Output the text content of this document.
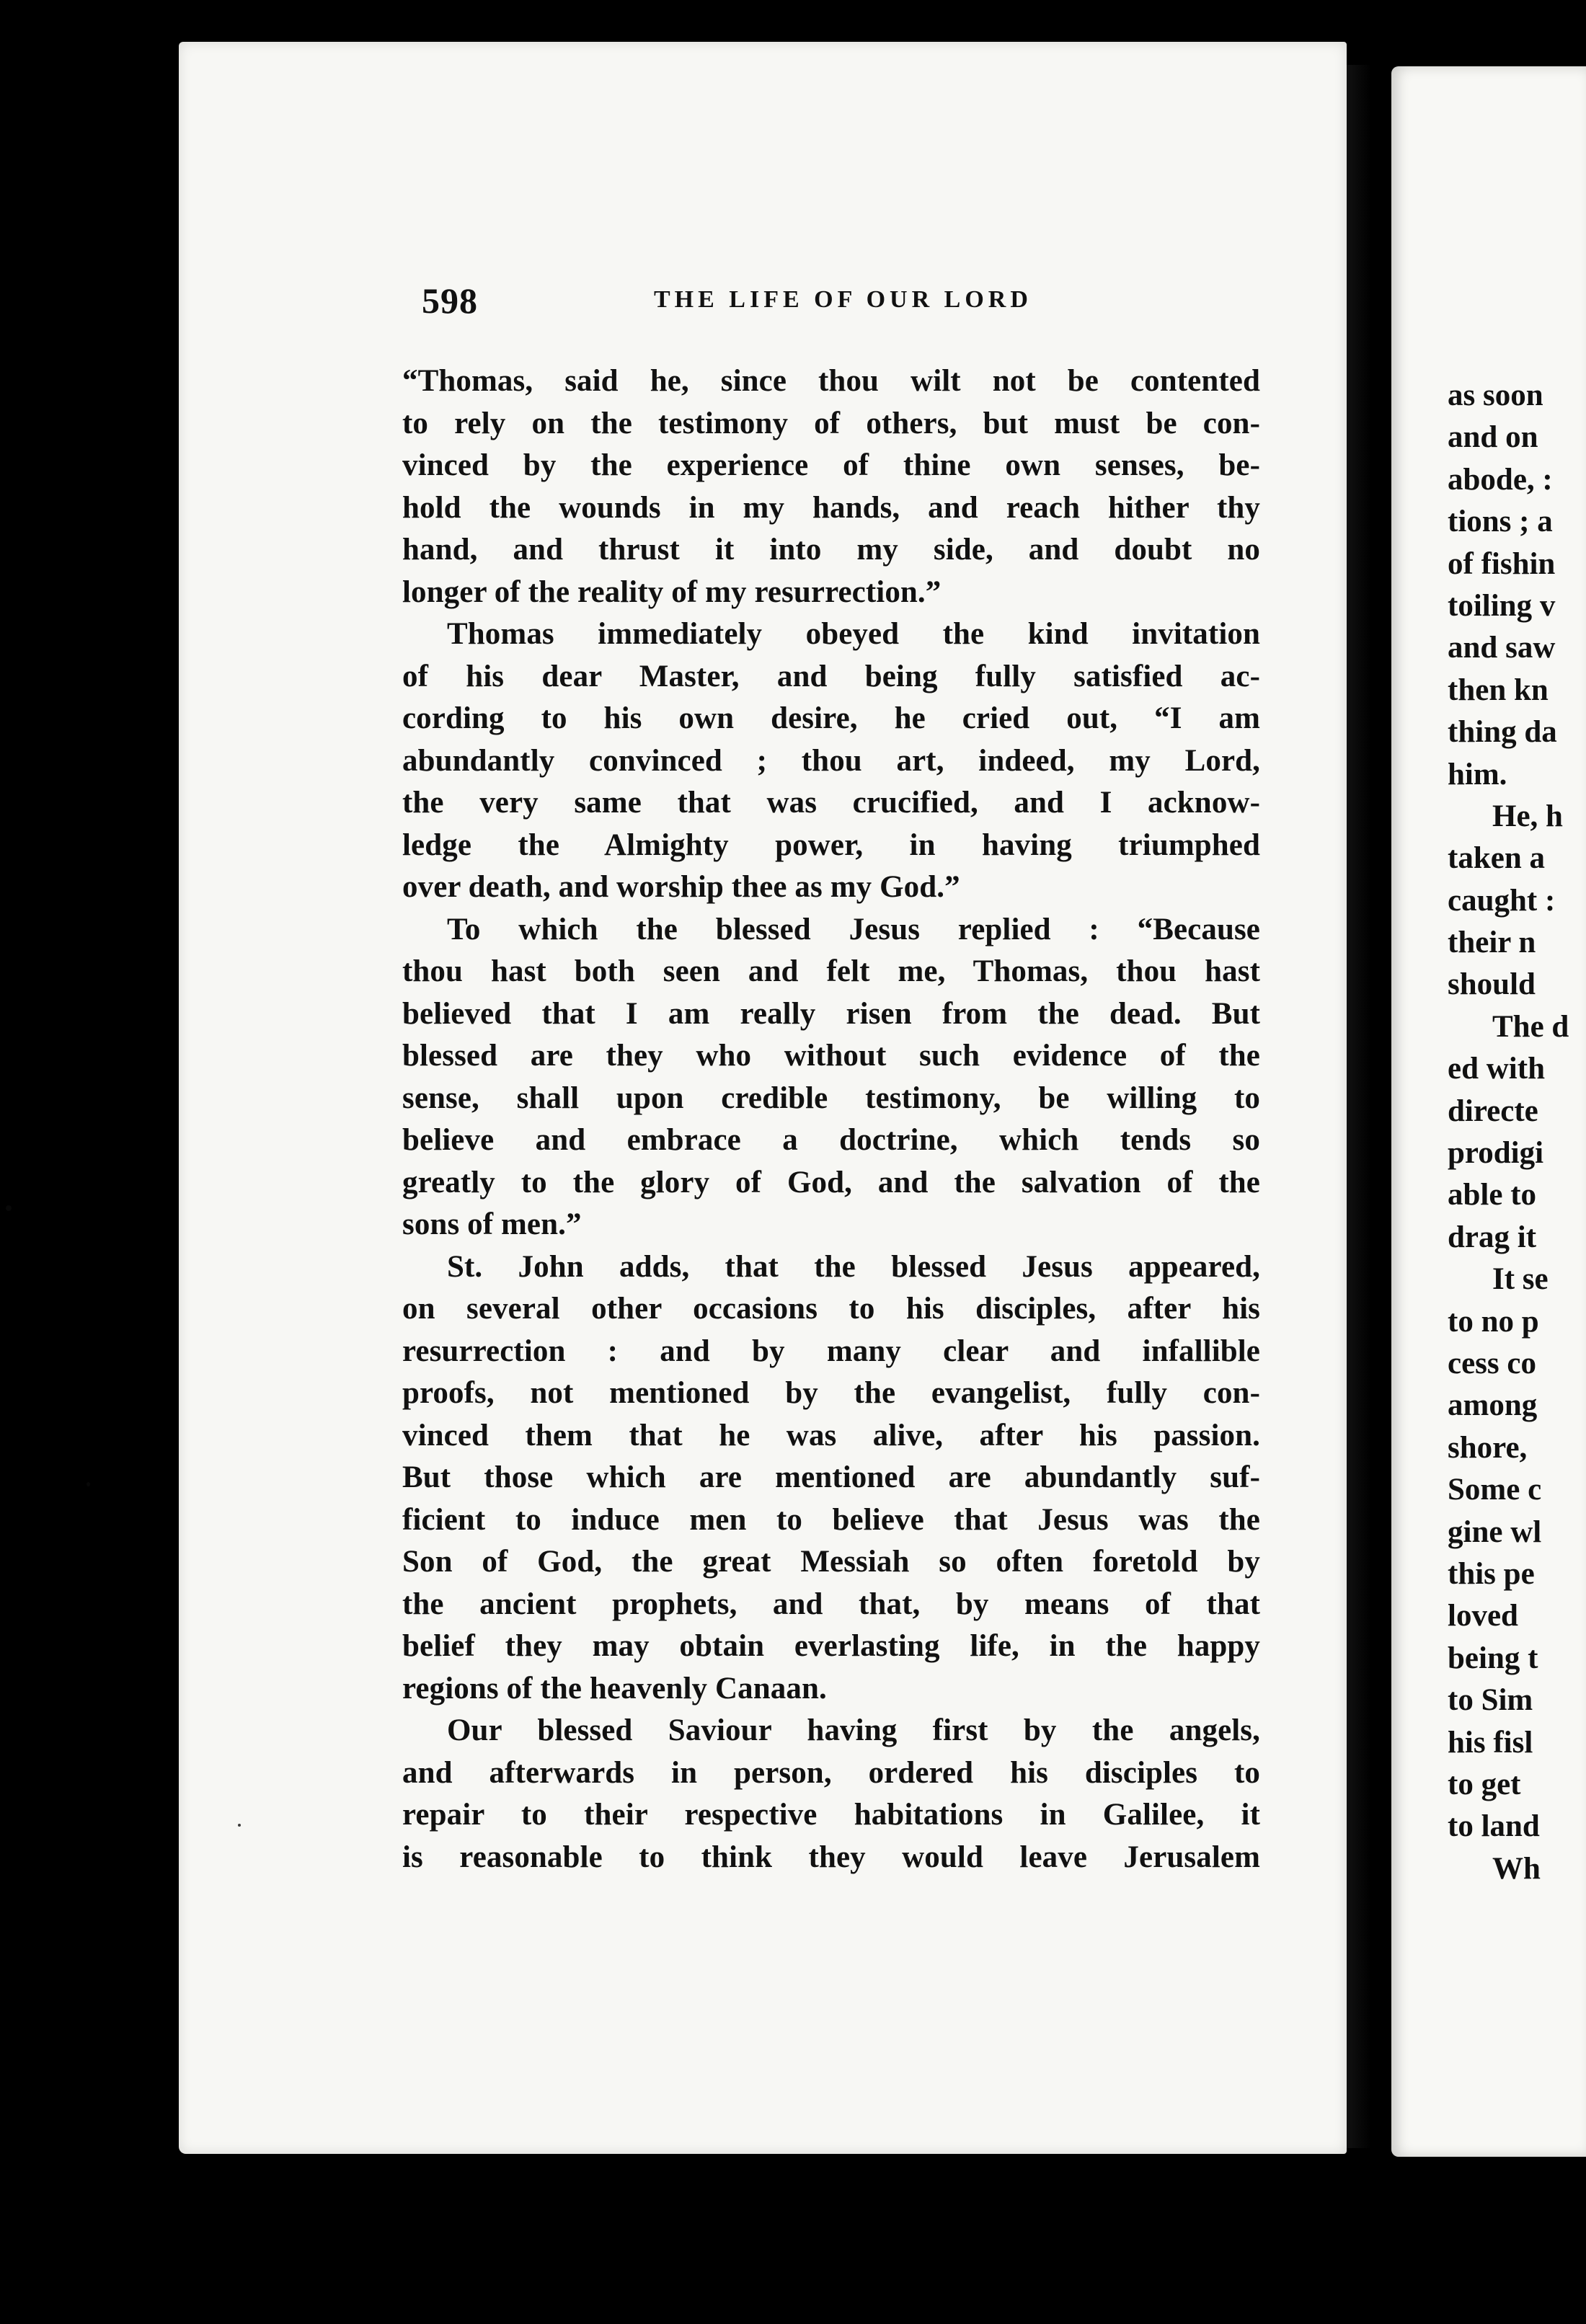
598	THE LIFE OF OUR LORD
“Thomas, said he, since thou wilt not be contented
to rely on the testimony of others, but must be con-
vinced by the experience of thine own senses, be-
hold the wounds in my hands, and reach hither thy
hand, and thrust it into my side, and doubt no
longer of the reality of my resurrection.”
Thomas immediately obeyed the kind invitation
of his dear Master, and being fully satisfied ac-
cording to his own desire, he cried out, “I am
abundantly convinced ; thou art, indeed, my Lord,
the very same that was crucified, and I acknow-
ledge the Almighty power, in having triumphed
over death, and worship thee as my God.”
To which the blessed Jesus replied : “Because
thou hast both seen and felt me, Thomas, thou hast
believed that I am really risen from the dead. But
blessed are they who without such evidence of the
sense, shall upon credible testimony, be willing to
believe and embrace a doctrine, which tends so
greatly to the glory of God, and the salvation of the
sons of men.”
St. John adds, that the blessed Jesus appeared,
on several other occasions to his disciples, after his
resurrection : and by many clear and infallible
proofs, not mentioned by the evangelist, fully con-
vinced them that he was alive, after his passion.
But those which are mentioned are abundantly suf-
ficient to induce men to believe that Jesus was the
Son of God, the great Messiah so often foretold by
the ancient prophets, and that, by means of that
belief they may obtain everlasting life, in the happy
regions of the heavenly Canaan.
Our blessed Saviour having first by the angels,
and afterwards in person, ordered his disciples to
repair to their respective habitations in Galilee, it
is reasonable to think they would leave Jerusalem
as soon
and on
abode, :
tions ; a
of fishin
toiling v
and saw
then kn
thing da
him.
He, h
taken a
caught :
their n
should
The d
ed with
directe
prodigi
able to
drag it
It se
to no p
cess co
among
shore,
Some c
gine wl
this pe
loved
being t
to Sim
his fisl
to get
to land
Wh
